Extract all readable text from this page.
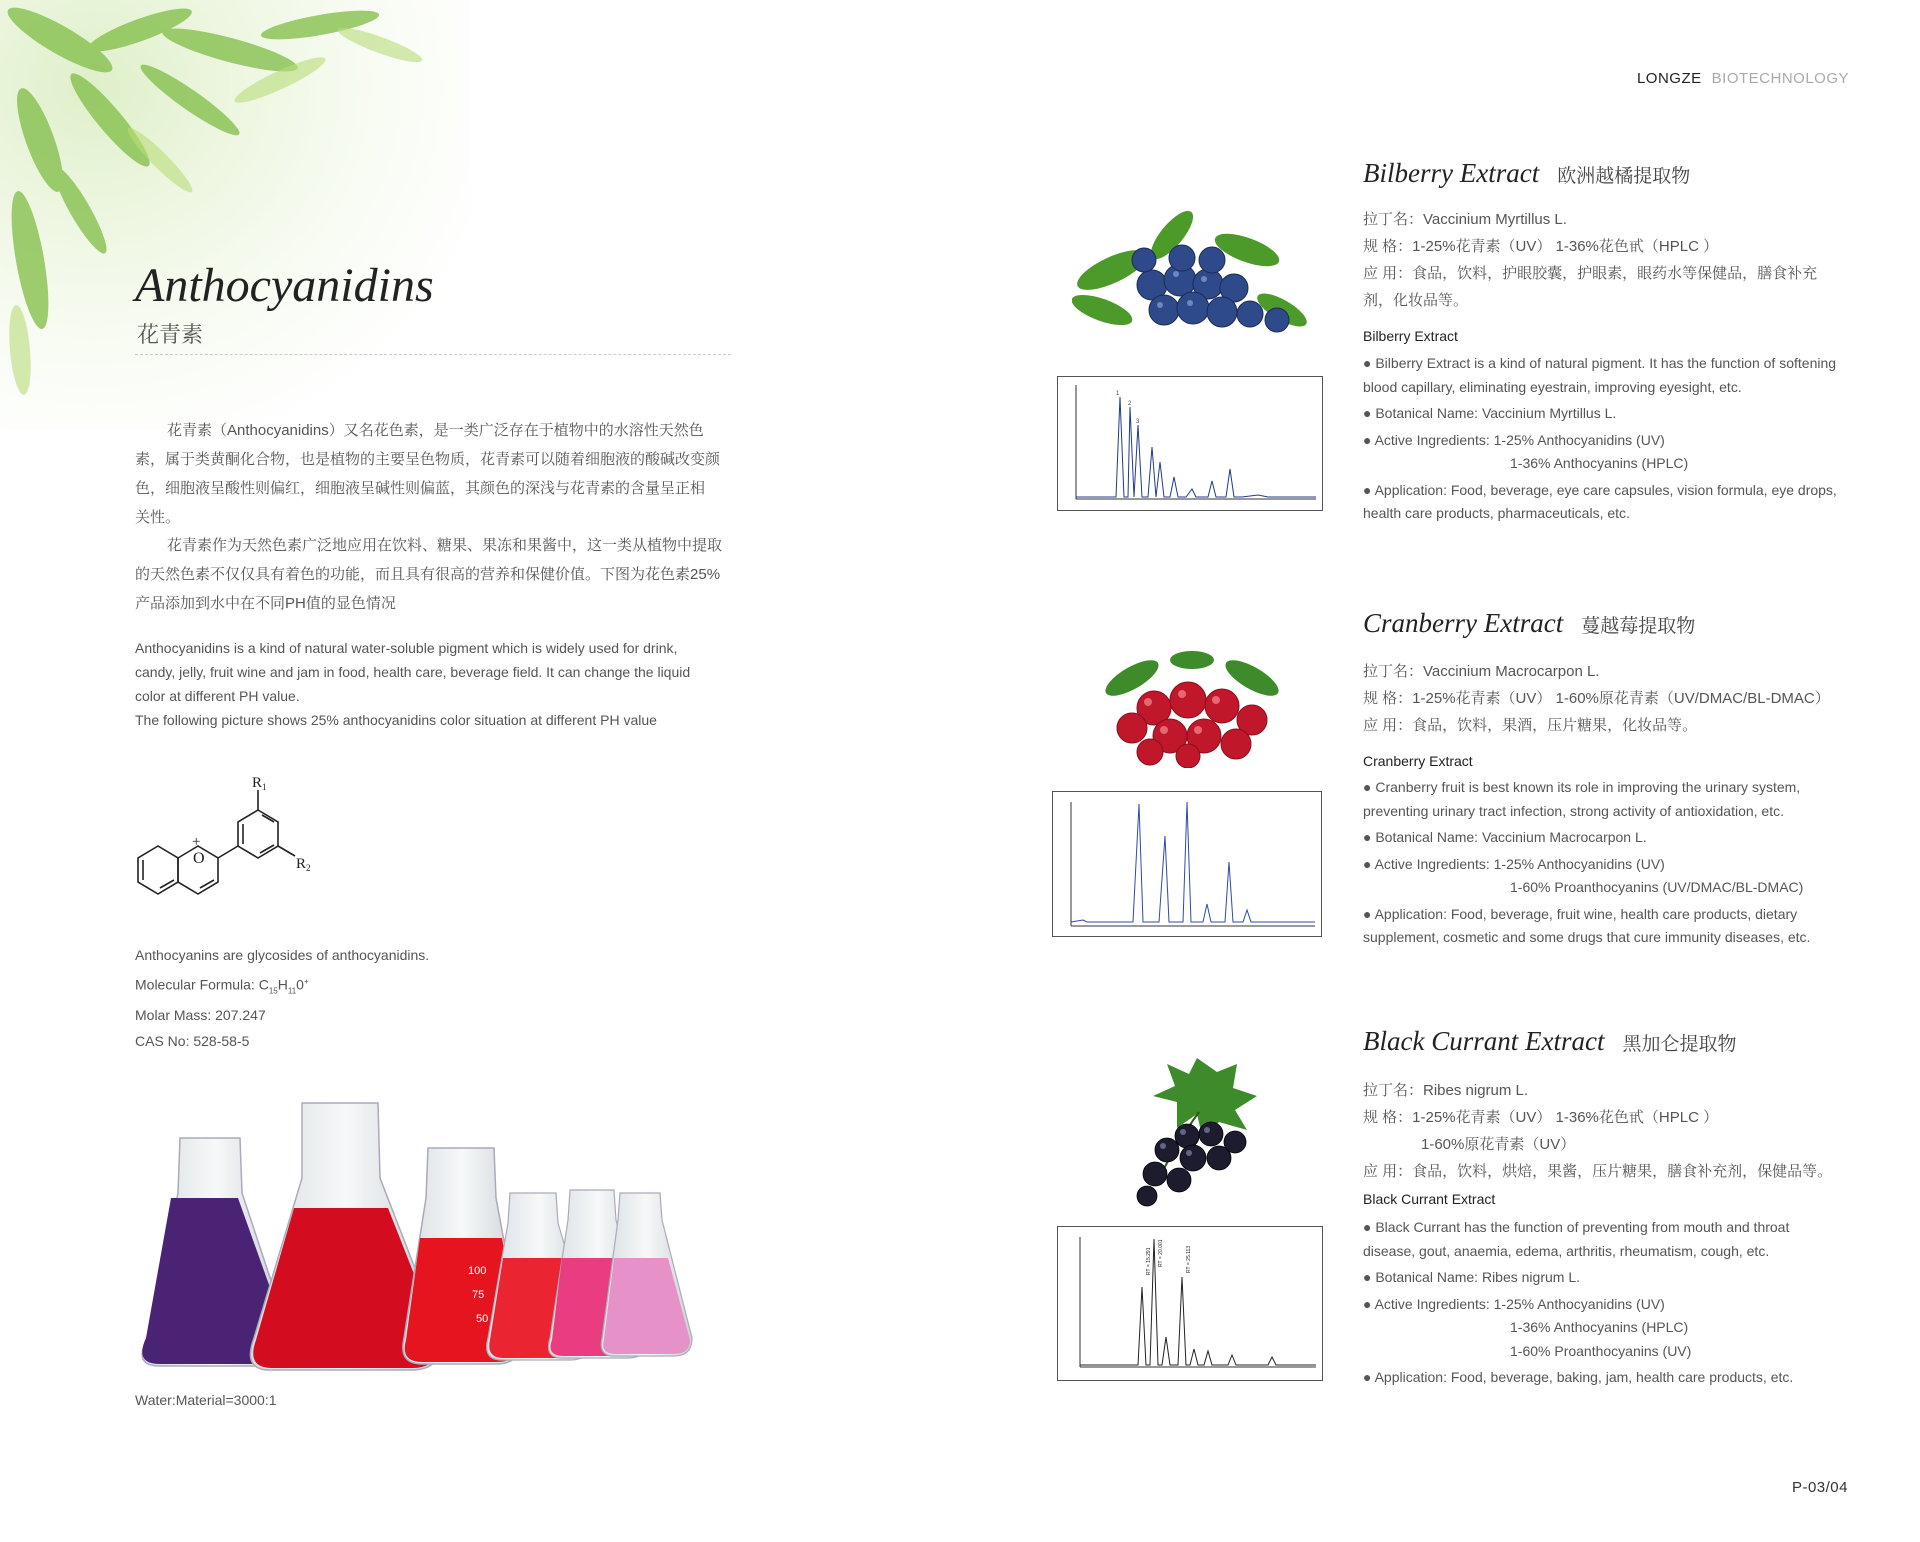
LONGZE BIOTECHNOLOGY
Anthocyanidins
花青素
花青素（Anthocyanidins）又名花色素，是一类广泛存在于植物中的水溶性天然色
素，属于类黄酮化合物，也是植物的主要呈色物质，花青素可以随着细胞液的酸碱改变颜
色，细胞液呈酸性则偏红，细胞液呈碱性则偏蓝，其颜色的深浅与花青素的含量呈正相
关性。
花青素作为天然色素广泛地应用在饮料、糖果、果冻和果酱中，这一类从植物中提取
的天然色素不仅仅具有着色的功能，而且具有很高的营养和保健价值。下图为花色素25%
产品添加到水中在不同PH值的显色情况
Anthocyanidins is a kind of natural water-soluble pigment which is widely used for drink,
candy, jelly, fruit wine and jam in food, health care, beverage field. It can change the liquid
color at different PH value.
The following picture shows 25% anthocyanidins color situation at different PH value
O
+
$R_1$
$R_2$
Anthocyanins are glycosides of anthocyanidins.
Molecular Formula: $C_{15}H_{11}0^+$
Molar Mass: 207.247
CAS No: 528-58-5
100
75
50
Water:Material=3000:1
1
2
3
Bilberry Extract 欧洲越橘提取物
拉丁名：Vaccinium Myrtillus L.
规 格：1-25%花青素（UV） 1-36%花色甙（HPLC ）
应 用：食品，饮料，护眼胶囊，护眼素，眼药水等保健品，膳食补充
剂，化妆品等。
Bilberry Extract
● Bilberry Extract is a kind of natural pigment. It has the function of softening
blood capillary, eliminating eyestrain, improving eyesight, etc.
● Botanical Name: Vaccinium Myrtillus L.
● Active Ingredients: 1-25% Anthocyanidins (UV)
1-36% Anthocyanins (HPLC)
● Application: Food, beverage, eye care capsules, vision formula, eye drops,
health care products, pharmaceuticals, etc.
Cranberry Extract 蔓越莓提取物
拉丁名：Vaccinium Macrocarpon L.
规 格：1-25%花青素（UV） 1-60%原花青素（UV/DMAC/BL-DMAC）
应 用：食品，饮料，果酒，压片糖果，化妆品等。
Cranberry Extract
● Cranberry fruit is best known its role in improving the urinary system,
preventing urinary tract infection, strong activity of antioxidation, etc.
● Botanical Name: Vaccinium Macrocarpon L.
● Active Ingredients: 1-25% Anthocyanidins (UV)
1-60% Proanthocyanins (UV/DMAC/BL-DMAC)
● Application: Food, beverage, fruit wine, health care products, dietary
supplement, cosmetic and some drugs that cure immunity diseases, etc.
RT = 15.291 RT = 20.001	RT = 25.113
Black Currant Extract 黑加仑提取物
拉丁名：Ribes nigrum L.
规 格：1-25%花青素（UV） 1-36%花色甙（HPLC ）
1-60%原花青素（UV）
应 用：食品，饮料，烘焙，果酱，压片糖果，膳食补充剂，保健品等。
Black Currant Extract
● Black Currant has the function of preventing from mouth and throat
disease, gout, anaemia, edema, arthritis, rheumatism, cough, etc.
● Botanical Name: Ribes nigrum L.
● Active Ingredients: 1-25% Anthocyanidins (UV)
1-36% Anthocyanins (HPLC)
1-60% Proanthocyanins (UV)
● Application: Food, beverage, baking, jam, health care products, etc.
P-03/04
